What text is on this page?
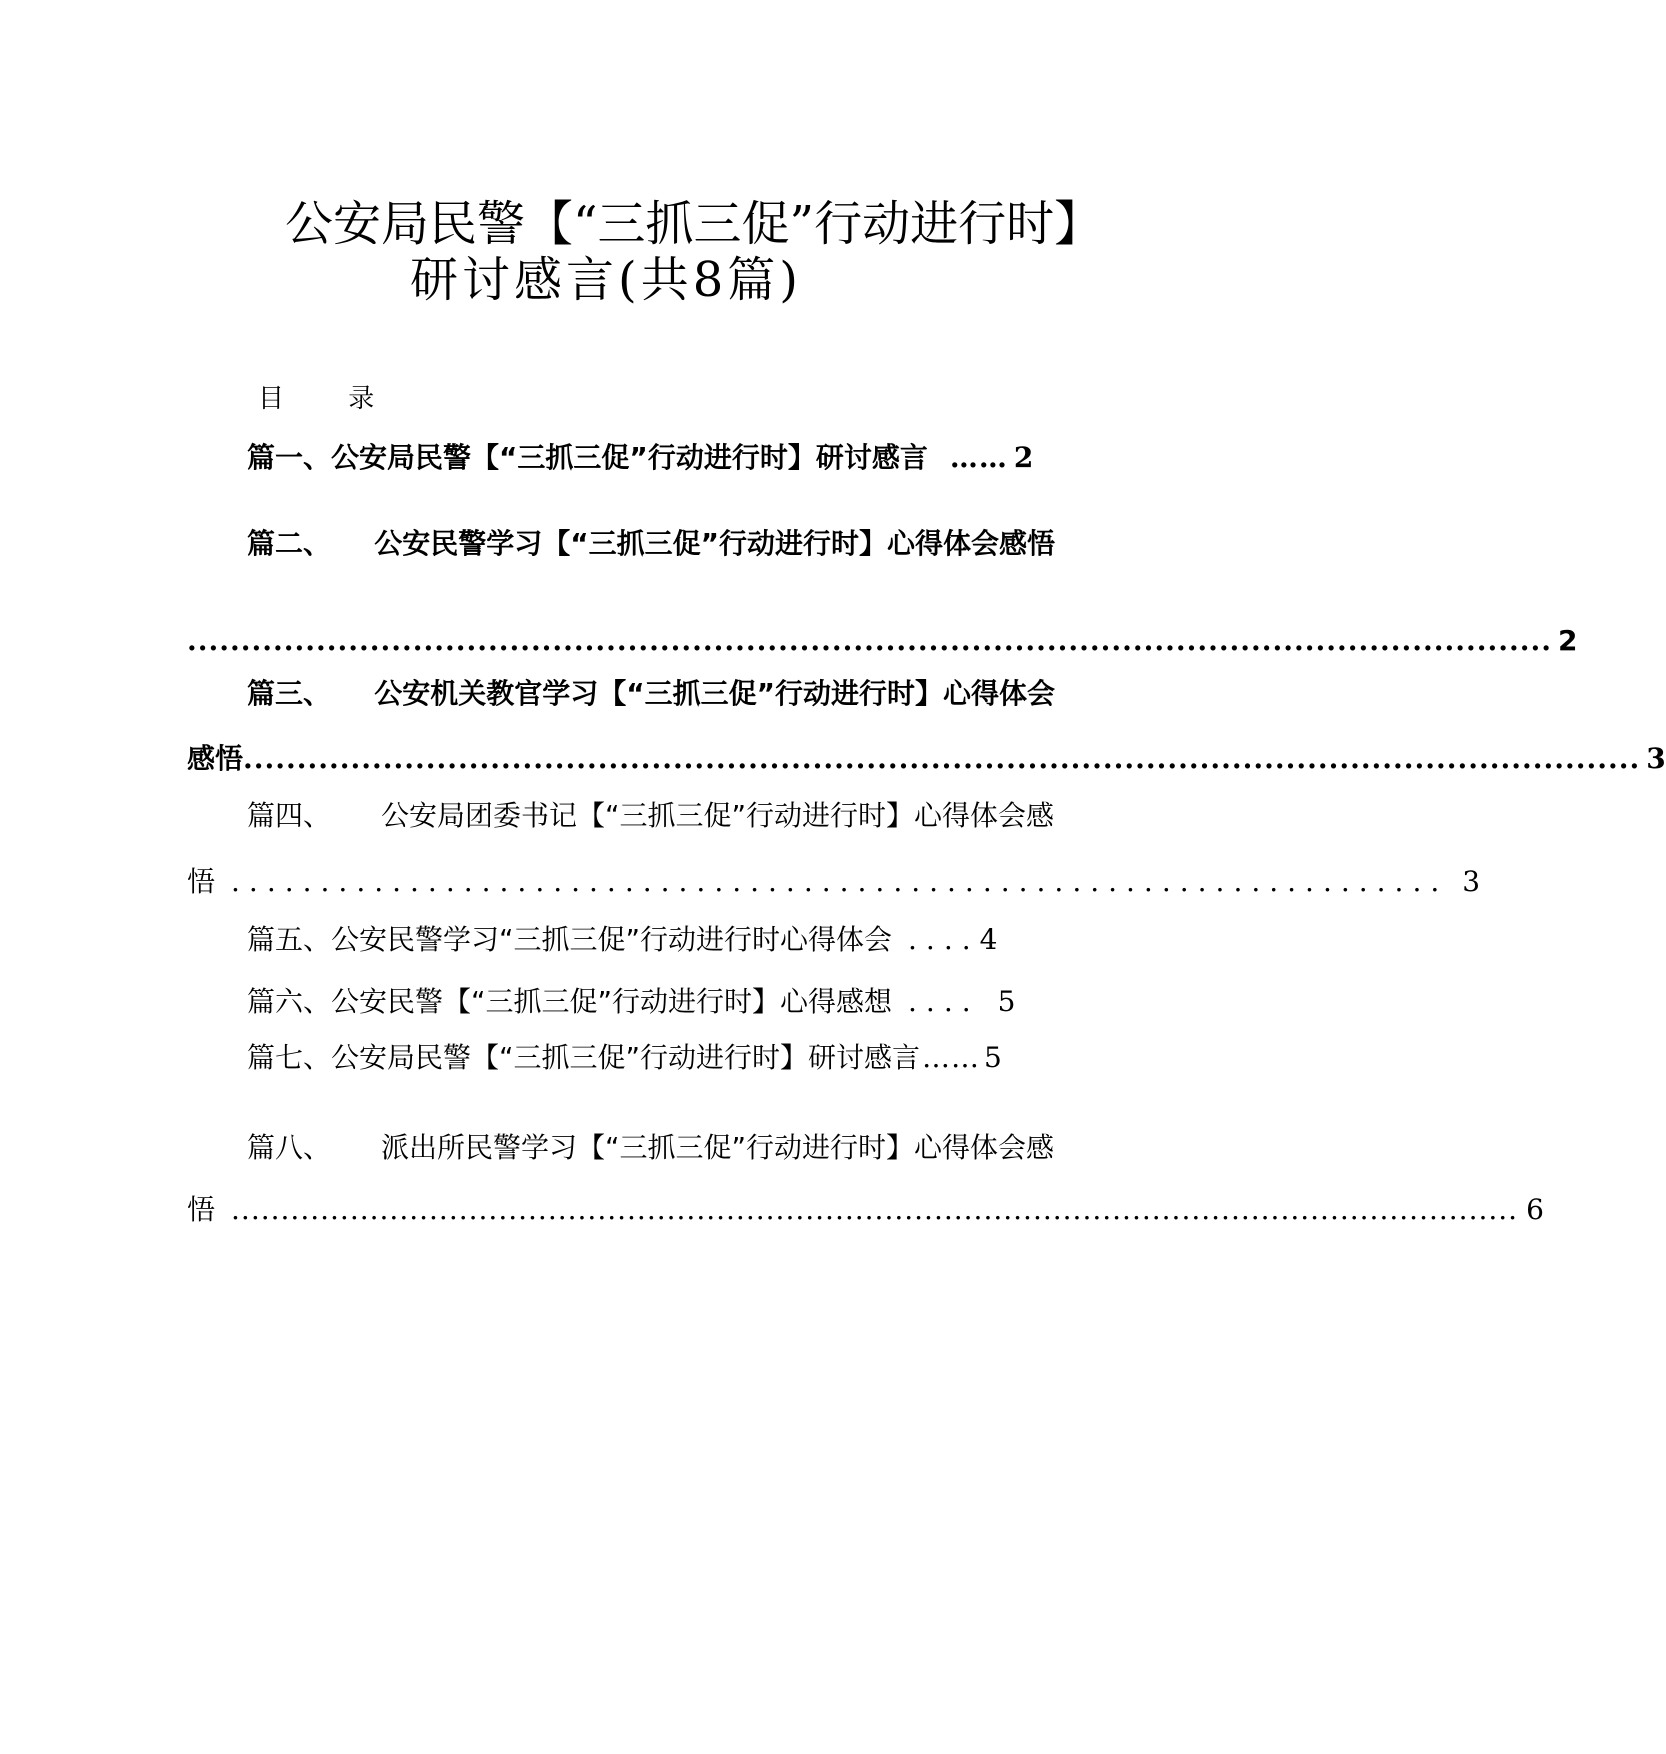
公安局民警【“三抓三促”行动进行时】
研讨感言(共8篇)
目 录
篇一、 公安局民警【“三抓三促”行动进行时】研讨感言 …… 2
篇二、 公安民警学习【“三抓三促”行动进行时】心得体会感悟
............................................................................................................................... 2
篇三、 公安机关教官学习【“三抓三促”行动进行时】心得体会
感悟 .................................................................................................................................. 3
篇四、 公安局团委书记【“三抓三促”行动进行时】心得体会感
悟 .................................................................... 3
篇五、 公安民警学习“三抓三促”行动进行时心得体会 .... 4
篇六、 公安民警【“三抓三促”行动进行时】心得感想 .... 5
篇七、 公安局民警【“三抓三促”行动进行时】研讨感言 …… 5
篇八、 派出所民警学习【“三抓三促”行动进行时】心得体会感
悟 .................................................................................................................................. 6
